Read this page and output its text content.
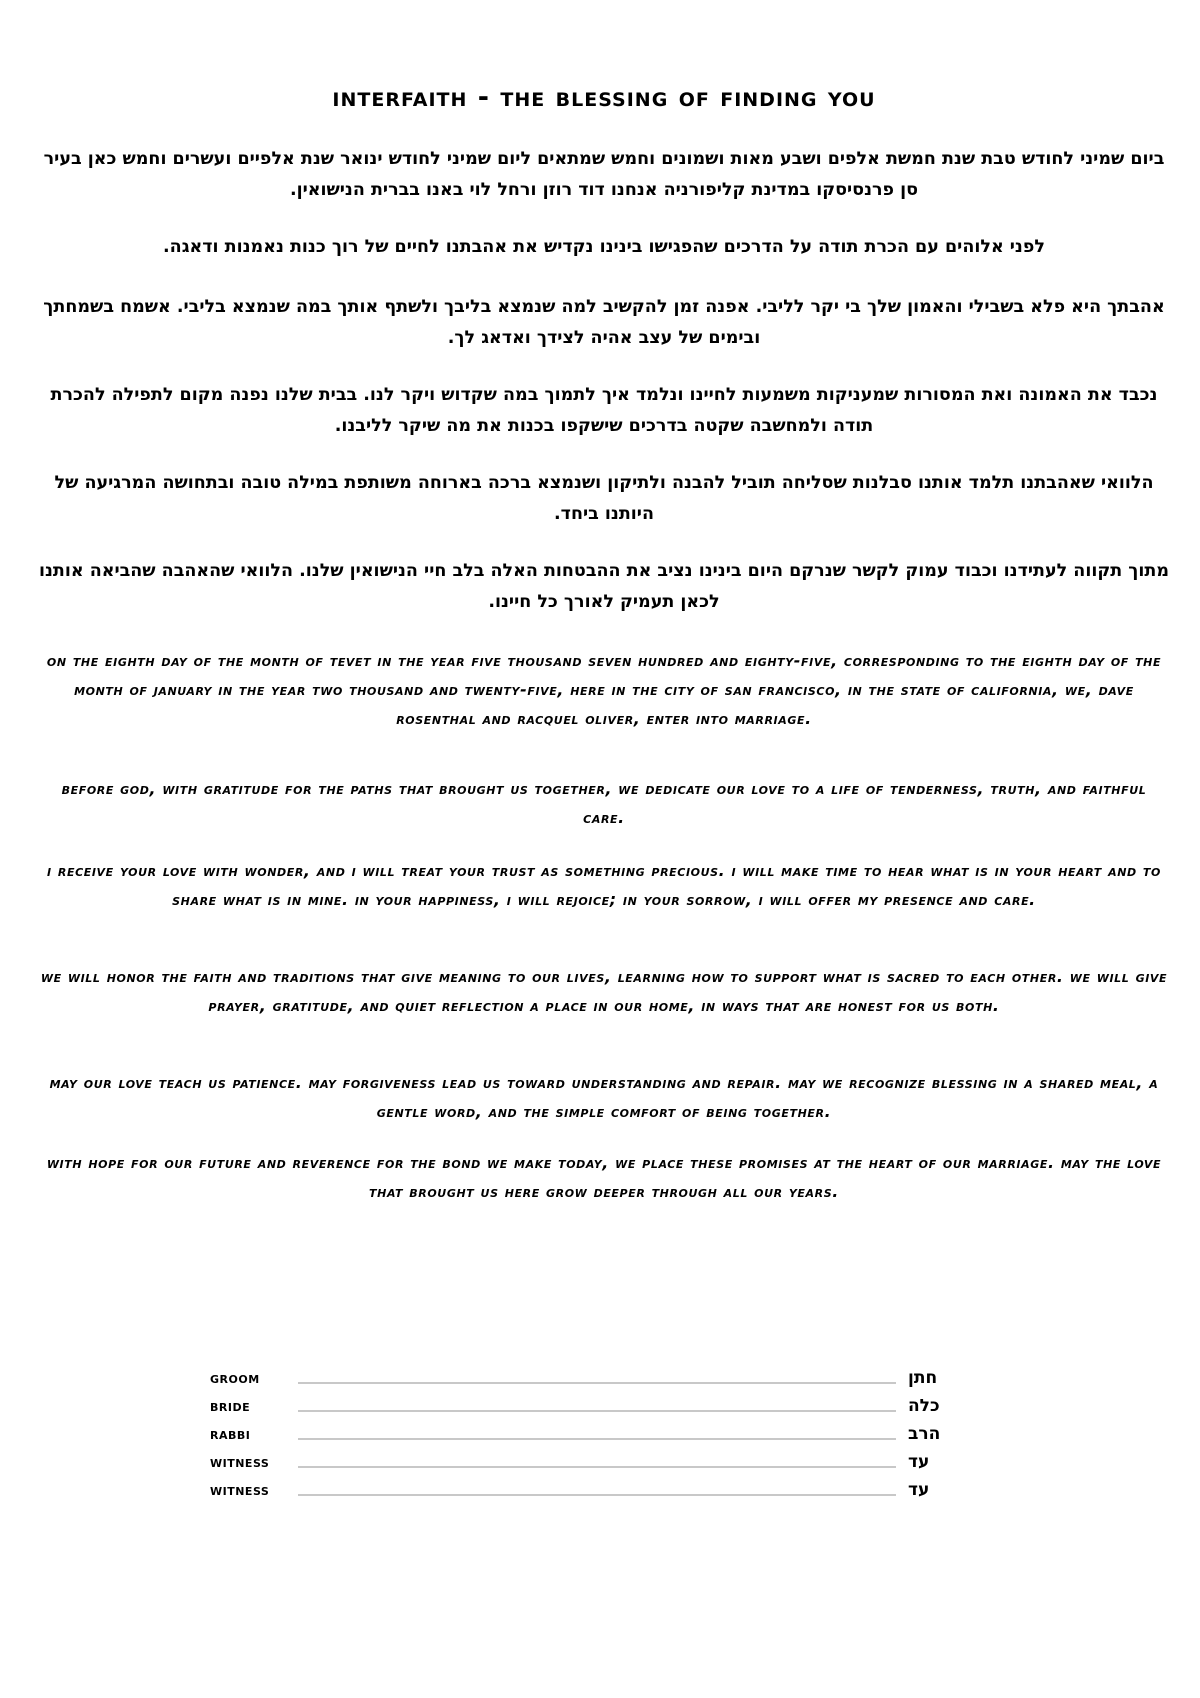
interfaith - the blessing of finding you
ביום שמיני לחודש טבת שנת חמשת אלפים ושבע מאות ושמונים וחמש שמתאים ליום שמיני לחודש ינואר שנת אלפיים ועשרים וחמש כאן בעיר סן פרנסיסקו במדינת קליפורניה אנחנו דוד רוזן ורחל לוי באנו בברית הנישואין.
לפני אלוהים עם הכרת תודה על הדרכים שהפגישו בינינו נקדיש את אהבתנו לחיים של רוך כנות נאמנות ודאגה.
אהבתך היא פלא בשבילי והאמון שלך בי יקר לליבי. אפנה זמן להקשיב למה שנמצא בליבך ולשתף אותך במה שנמצא בליבי. אשמח בשמחתך ובימים של עצב אהיה לצידך ואדאג לך.
נכבד את האמונה ואת המסורות שמעניקות משמעות לחיינו ונלמד איך לתמוך במה שקדוש ויקר לנו. בבית שלנו נפנה מקום לתפילה להכרת תודה ולמחשבה שקטה בדרכים שישקפו בכנות את מה שיקר לליבנו.
הלוואי שאהבתנו תלמד אותנו סבלנות שסליחה תוביל להבנה ולתיקון ושנמצא ברכה בארוחה משותפת במילה טובה ובתחושה המרגיעה של היותנו ביחד.
מתוך תקווה לעתידנו וכבוד עמוק לקשר שנרקם היום בינינו נציב את ההבטחות האלה בלב חיי הנישואין שלנו. הלוואי שהאהבה שהביאה אותנו לכאן תעמיק לאורך כל חיינו.
on the eighth day of the month of tevet in the year five thousand seven hundred and eighty-five, corresponding to the eighth day of the month of january in the year two thousand and twenty-five, here in the city of san francisco, in the state of california, we, dave rosenthal and racquel oliver, enter into marriage.
before god, with gratitude for the paths that brought us together, we dedicate our love to a life of tenderness, truth, and faithful care.
i receive your love with wonder, and i will treat your trust as something precious. i will make time to hear what is in your heart and to share what is in mine. in your happiness, i will rejoice; in your sorrow, i will offer my presence and care.
we will honor the faith and traditions that give meaning to our lives, learning how to support what is sacred to each other. we will give prayer, gratitude, and quiet reflection a place in our home, in ways that are honest for us both.
may our love teach us patience. may forgiveness lead us toward understanding and repair. may we recognize blessing in a shared meal, a gentle word, and the simple comfort of being together.
with hope for our future and reverence for the bond we make today, we place these promises at the heart of our marriage. may the love that brought us here grow deeper through all our years.
groom	חתן
bride	כלה
rabbi	הרב
witness	עד
witness	עד
